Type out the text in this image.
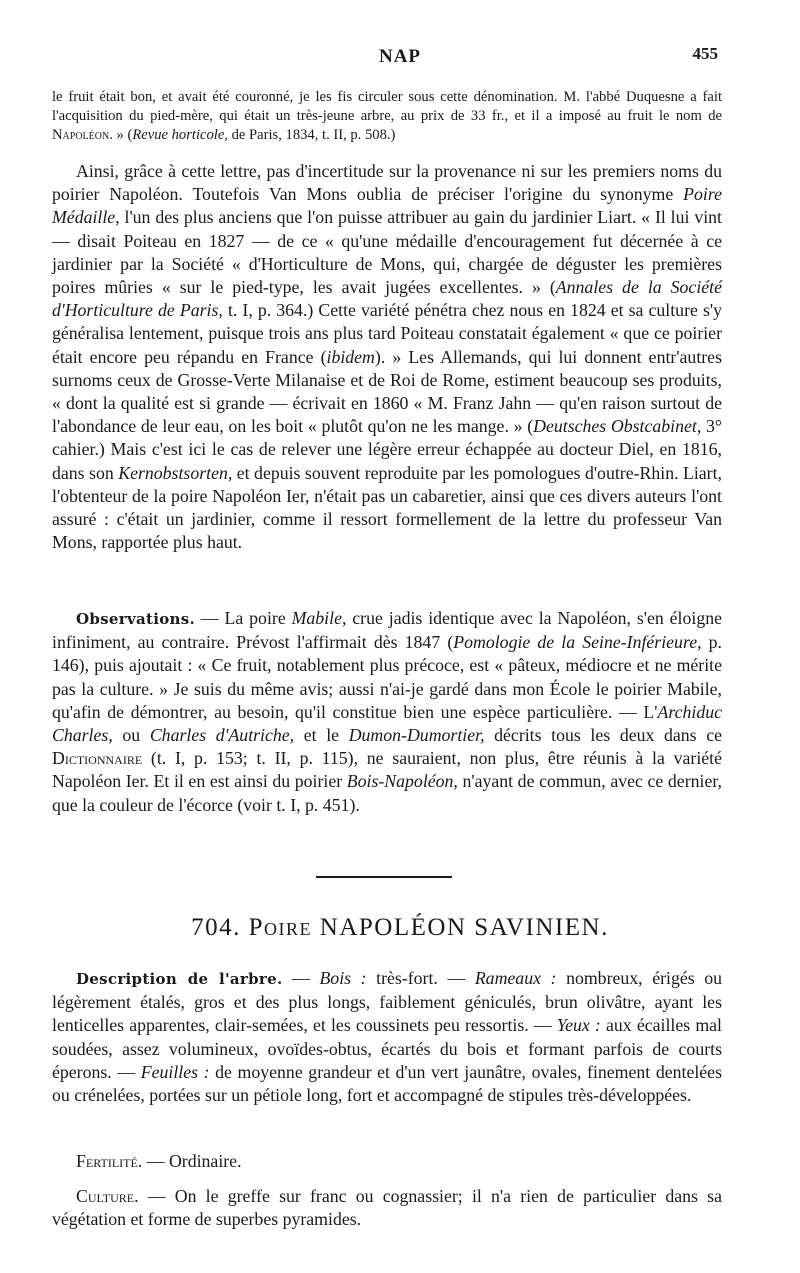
NAP	455

le fruit était bon, et avait été couronné, je les fis circuler sous cette dénomination. M. l'abbé Duquesne a fait l'acquisition du pied-mère, qui était un très-jeune arbre, au prix de 33 fr., et il a imposé au fruit le nom de Napoléon. » (Revue horticole, de Paris, 1834, t. II, p. 508.)

Ainsi, grâce à cette lettre, pas d'incertitude sur la provenance ni sur les premiers noms du poirier Napoléon. Toutefois Van Mons oublia de préciser l'origine du synonyme Poire Médaille, l'un des plus anciens que l'on puisse attribuer au gain du jardinier Liart. « Il lui vint — disait Poiteau en 1827 — de ce « qu'une médaille d'encouragement fut décernée à ce jardinier par la Société « d'Horticulture de Mons, qui, chargée de déguster les premières poires mûries « sur le pied-type, les avait jugées excellentes. » (Annales de la Société d'Horticulture de Paris, t. I, p. 364.) Cette variété pénétra chez nous en 1824 et sa culture s'y généralisa lentement, puisque trois ans plus tard Poiteau constatait également « que ce poirier était encore peu répandu en France (ibidem). » Les Allemands, qui lui donnent entr'autres surnoms ceux de Grosse-Verte Milanaise et de Roi de Rome, estiment beaucoup ses produits, « dont la qualité est si grande — écrivait en 1860 « M. Franz Jahn — qu'en raison surtout de l'abondance de leur eau, on les boit « plutôt qu'on ne les mange. » (Deutsches Obstcabinet, 3° cahier.) Mais c'est ici le cas de relever une légère erreur échappée au docteur Diel, en 1816, dans son Kernobstsorten, et depuis souvent reproduite par les pomologues d'outre-Rhin. Liart, l'obtenteur de la poire Napoléon Ier, n'était pas un cabaretier, ainsi que ces divers auteurs l'ont assuré : c'était un jardinier, comme il ressort formellement de la lettre du professeur Van Mons, rapportée plus haut.

Observations. — La poire Mabile, crue jadis identique avec la Napoléon, s'en éloigne infiniment, au contraire. Prévost l'affirmait dès 1847 (Pomologie de la Seine-Inférieure, p. 146), puis ajoutait : « Ce fruit, notablement plus précoce, est « pâteux, médiocre et ne mérite pas la culture. » Je suis du même avis; aussi n'ai-je gardé dans mon École le poirier Mabile, qu'afin de démontrer, au besoin, qu'il constitue bien une espèce particulière. — L'Archiduc Charles, ou Charles d'Autriche, et le Dumon-Dumortier, décrits tous les deux dans ce Dictionnaire (t. I, p. 153; t. II, p. 115), ne sauraient, non plus, être réunis à la variété Napoléon Ier. Et il en est ainsi du poirier Bois-Napoléon, n'ayant de commun, avec ce dernier, que la couleur de l'écorce (voir t. I, p. 451).

704. Poire NAPOLÉON SAVINIEN.

Description de l'arbre. — Bois : très-fort. — Rameaux : nombreux, érigés ou légèrement étalés, gros et des plus longs, faiblement géniculés, brun olivâtre, ayant les lenticelles apparentes, clair-semées, et les coussinets peu ressortis. — Yeux : aux écailles mal soudées, assez volumineux, ovoïdes-obtus, écartés du bois et formant parfois de courts éperons. — Feuilles : de moyenne grandeur et d'un vert jaunâtre, ovales, finement dentelées ou crénelées, portées sur un pétiole long, fort et accompagné de stipules très-développées.

Fertilité. — Ordinaire.

Culture. — On le greffe sur franc ou cognassier; il n'a rien de particulier dans sa végétation et forme de superbes pyramides.
